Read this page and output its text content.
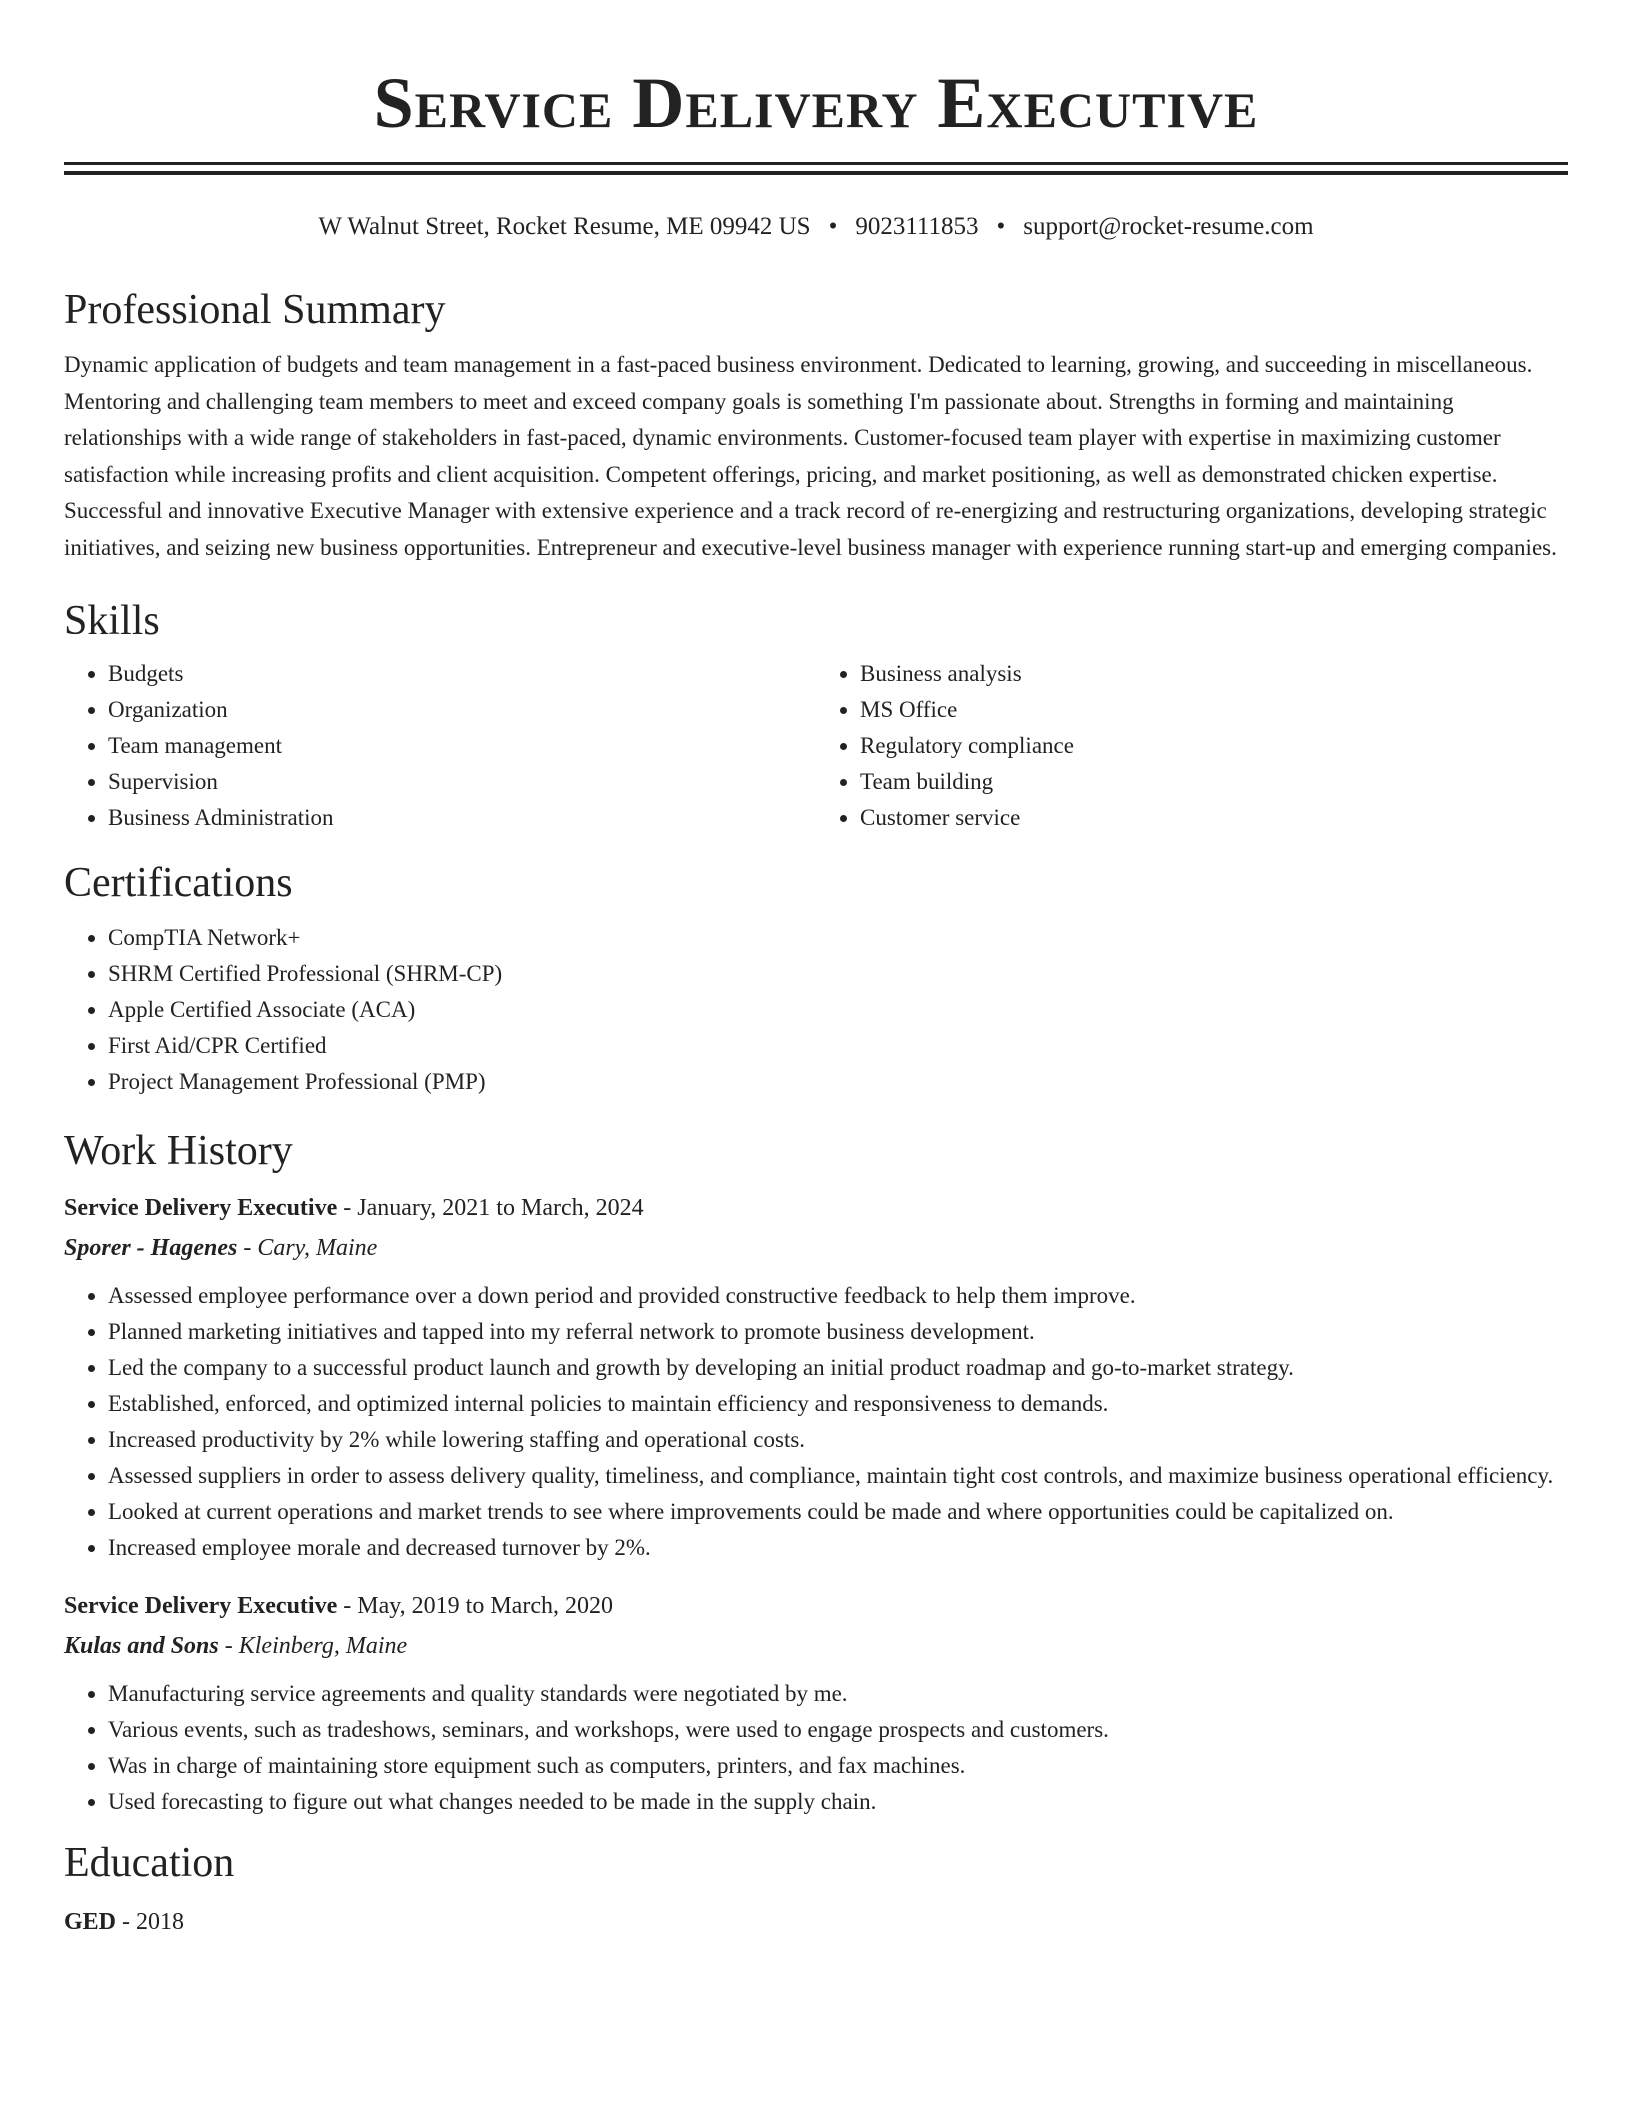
Service Delivery Executive
W Walnut Street, Rocket Resume, ME 09942 US • 9023111853 • support@rocket-resume.com
Professional Summary

Dynamic application of budgets and team management in a fast-paced business environment. Dedicated to learning, growing, and succeeding in miscellaneous. Mentoring and challenging team members to meet and exceed company goals is something I'm passionate about. Strengths in forming and maintaining relationships with a wide range of stakeholders in fast-paced, dynamic environments. Customer-focused team player with expertise in maximizing customer satisfaction while increasing profits and client acquisition. Competent offerings, pricing, and market positioning, as well as demonstrated chicken expertise. Successful and innovative Executive Manager with extensive experience and a track record of re-energizing and restructuring organizations, developing strategic initiatives, and seizing new business opportunities. Entrepreneur and executive-level business manager with experience running start-up and emerging companies.

Skills
• Budgets
• Organization
• Team management
• Supervision
• Business Administration
• Business analysis
• MS Office
• Regulatory compliance
• Team building
• Customer service
Certifications
• CompTIA Network+
• SHRM Certified Professional (SHRM-CP)
• Apple Certified Associate (ACA)
• First Aid/CPR Certified
• Project Management Professional (PMP)
Work History
Service Delivery Executive - January, 2021 to March, 2024
Sporer - Hagenes - Cary, Maine
• Assessed employee performance over a down period and provided constructive feedback to help them improve.
• Planned marketing initiatives and tapped into my referral network to promote business development.
• Led the company to a successful product launch and growth by developing an initial product roadmap and go-to-market strategy.
• Established, enforced, and optimized internal policies to maintain efficiency and responsiveness to demands.
• Increased productivity by 2% while lowering staffing and operational costs.
• Assessed suppliers in order to assess delivery quality, timeliness, and compliance, maintain tight cost controls, and maximize business operational efficiency.
• Looked at current operations and market trends to see where improvements could be made and where opportunities could be capitalized on.
• Increased employee morale and decreased turnover by 2%.
Service Delivery Executive - May, 2019 to March, 2020
Kulas and Sons - Kleinberg, Maine
• Manufacturing service agreements and quality standards were negotiated by me.
• Various events, such as tradeshows, seminars, and workshops, were used to engage prospects and customers.
• Was in charge of maintaining store equipment such as computers, printers, and fax machines.
• Used forecasting to figure out what changes needed to be made in the supply chain.
Education
GED - 2018
